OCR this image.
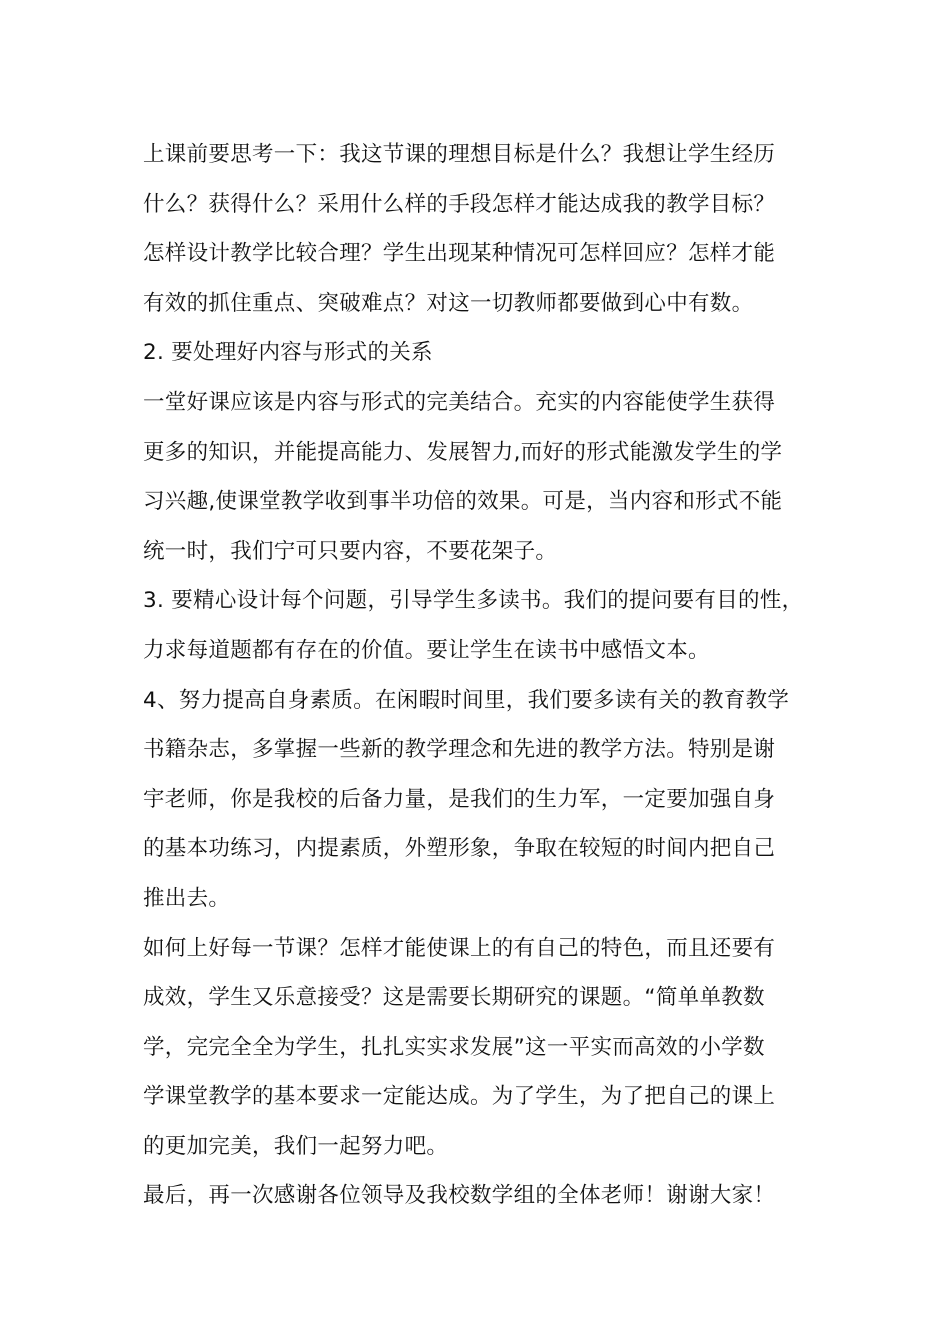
上课前要思考一下：我这节课的理想目标是什么？我想让学生经历
什么？获得什么？采用什么样的手段怎样才能达成我的教学目标？
怎样设计教学比较合理？学生出现某种情况可怎样回应？怎样才能
有效的抓住重点、突破难点？对这一切教师都要做到心中有数。
2. 要处理好内容与形式的关系
一堂好课应该是内容与形式的完美结合。充实的内容能使学生获得
更多的知识，并能提高能力、发展智力,而好的形式能激发学生的学
习兴趣,使课堂教学收到事半功倍的效果。可是，当内容和形式不能
统一时，我们宁可只要内容，不要花架子。
3. 要精心设计每个问题，引导学生多读书。我们的提问要有目的性，
力求每道题都有存在的价值。要让学生在读书中感悟文本。
4、努力提高自身素质。在闲暇时间里，我们要多读有关的教育教学
书籍杂志，多掌握一些新的教学理念和先进的教学方法。特别是谢
宇老师，你是我校的后备力量，是我们的生力军，一定要加强自身
的基本功练习，内提素质，外塑形象，争取在较短的时间内把自己
推出去。
如何上好每一节课？怎样才能使课上的有自己的特色，而且还要有
成效，学生又乐意接受？这是需要长期研究的课题。“简单单教数
学，完完全全为学生，扎扎实实求发展”这一平实而高效的小学数
学课堂教学的基本要求一定能达成。为了学生，为了把自己的课上
的更加完美，我们一起努力吧。
最后，再一次感谢各位领导及我校数学组的全体老师！谢谢大家！
